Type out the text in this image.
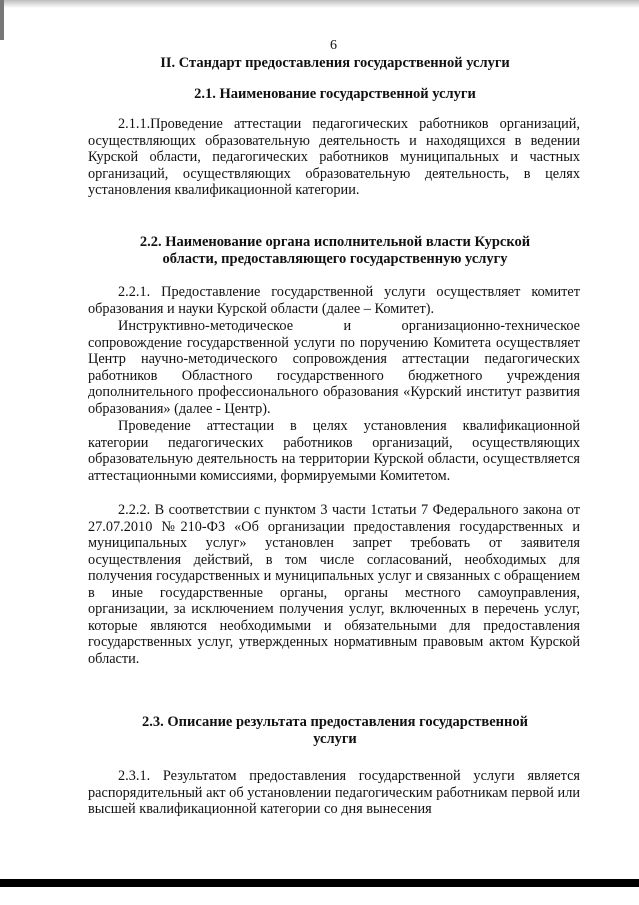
6
II. Стандарт предоставления государственной услуги
2.1. Наименование государственной услуги

2.1.1.Проведение аттестации педагогических работников организаций, осуществляющих образовательную деятельность и находящихся в ведении Курской области, педагогических работников муниципальных и частных организаций, осуществляющих образовательную деятельность, в целях установления квалификационной категории.

2.2. Наименование органа исполнительной власти Курской
области, предоставляющего государственную услугу

2.2.1. Предоставление государственной услуги осуществляет комитет образования и науки Курской области (далее – Комитет).

Инструктивно-методическое и организационно-техническое сопровождение государственной услуги по поручению Комитета осуществляет Центр научно-методического сопровождения аттестации педагогических работников Областного государственного бюджетного учреждения дополнительного профессионального образования «Курский институт развития образования» (далее - Центр).

Проведение аттестации в целях установления квалификационной категории педагогических работников организаций, осуществляющих образовательную деятельность на территории Курской области, осуществляется аттестационными комиссиями, формируемыми Комитетом.

2.2.2. В соответствии с пунктом 3 части 1статьи 7 Федерального закона от 27.07.2010 №210-ФЗ «Об организации предоставления государственных и муниципальных услуг» установлен запрет требовать от заявителя осуществления действий, в том числе согласований, необходимых для получения государственных и муниципальных услуг и связанных с обращением в иные государственные органы, органы местного самоуправления, организации, за исключением получения услуг, включенных в перечень услуг, которые являются необходимыми и обязательными для предоставления государственных услуг, утвержденных нормативным правовым актом Курской области.

2.3. Описание результата предоставления государственной
услуги

2.3.1. Результатом предоставления государственной услуги является распорядительный акт об установлении педагогическим работникам первой или высшей квалификационной категории со дня вынесения
